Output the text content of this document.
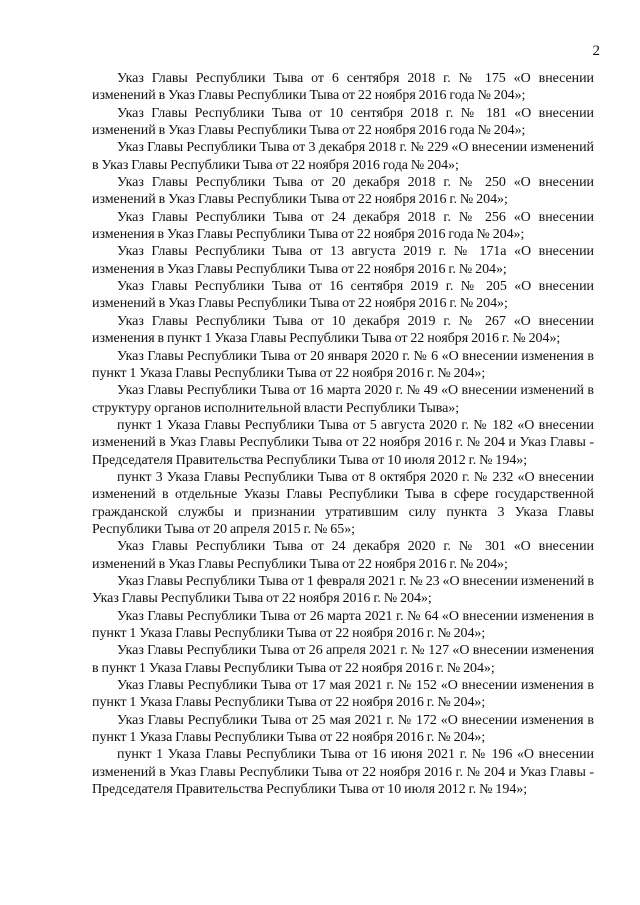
2

Указ Главы Республики Тыва от 6 сентября 2018 г. № 175 «О внесении изменений в Указ Главы Республики Тыва от 22 ноября 2016 года № 204»;

Указ Главы Республики Тыва от 10 сентября 2018 г. № 181 «О внесении изменений в Указ Главы Республики Тыва от 22 ноября 2016 года № 204»;

Указ Главы Республики Тыва от 3 декабря 2018 г. № 229 «О внесении изменений в Указ Главы Республики Тыва от 22 ноября 2016 года № 204»;

Указ Главы Республики Тыва от 20 декабря 2018 г. № 250 «О внесении изменений в Указ Главы Республики Тыва от 22 ноября 2016 г. № 204»;

Указ Главы Республики Тыва от 24 декабря 2018 г. № 256 «О внесении изменения в Указ Главы Республики Тыва от 22 ноября 2016 года № 204»;

Указ Главы Республики Тыва от 13 августа 2019 г. № 171а «О внесении изменения в Указ Главы Республики Тыва от 22 ноября 2016 г. № 204»;

Указ Главы Республики Тыва от 16 сентября 2019 г. № 205 «О внесении изменений в Указ Главы Республики Тыва от 22 ноября 2016 г. № 204»;

Указ Главы Республики Тыва от 10 декабря 2019 г. № 267 «О внесении изменения в пункт 1 Указа Главы Республики Тыва от 22 ноября 2016 г. № 204»;

Указ Главы Республики Тыва от 20 января 2020 г. № 6 «О внесении изменения в пункт 1 Указа Главы Республики Тыва от 22 ноября 2016 г. № 204»;

Указ Главы Республики Тыва от 16 марта 2020 г. № 49 «О внесении изменений в структуру органов исполнительной власти Республики Тыва»;

пункт 1 Указа Главы Республики Тыва от 5 августа 2020 г. № 182 «О внесении изменений в Указ Главы Республики Тыва от 22 ноября 2016 г. № 204 и Указ Главы - Председателя Правительства Республики Тыва от 10 июля 2012 г. № 194»;

пункт 3 Указа Главы Республики Тыва от 8 октября 2020 г. № 232 «О внесении изменений в отдельные Указы Главы Республики Тыва в сфере государственной гражданской службы и признании утратившим силу пункта 3 Указа Главы Республики Тыва от 20 апреля 2015 г. № 65»;

Указ Главы Республики Тыва от 24 декабря 2020 г. № 301 «О внесении изменений в Указ Главы Республики Тыва от 22 ноября 2016 г. № 204»;

Указ Главы Республики Тыва от 1 февраля 2021 г. № 23 «О внесении изменений в Указ Главы Республики Тыва от 22 ноября 2016 г. № 204»;

Указ Главы Республики Тыва от 26 марта 2021 г. № 64 «О внесении изменения в пункт 1 Указа Главы Республики Тыва от 22 ноября 2016 г. № 204»;

Указ Главы Республики Тыва от 26 апреля 2021 г. № 127 «О внесении изменения в пункт 1 Указа Главы Республики Тыва от 22 ноября 2016 г. № 204»;

Указ Главы Республики Тыва от 17 мая 2021 г. № 152 «О внесении изменения в пункт 1 Указа Главы Республики Тыва от 22 ноября 2016 г. № 204»;

Указ Главы Республики Тыва от 25 мая 2021 г. № 172 «О внесении изменения в пункт 1 Указа Главы Республики Тыва от 22 ноября 2016 г. № 204»;

пункт 1 Указа Главы Республики Тыва от 16 июня 2021 г. № 196 «О внесении изменений в Указ Главы Республики Тыва от 22 ноября 2016 г. № 204 и Указ Главы - Председателя Правительства Республики Тыва от 10 июля 2012 г. № 194»;
